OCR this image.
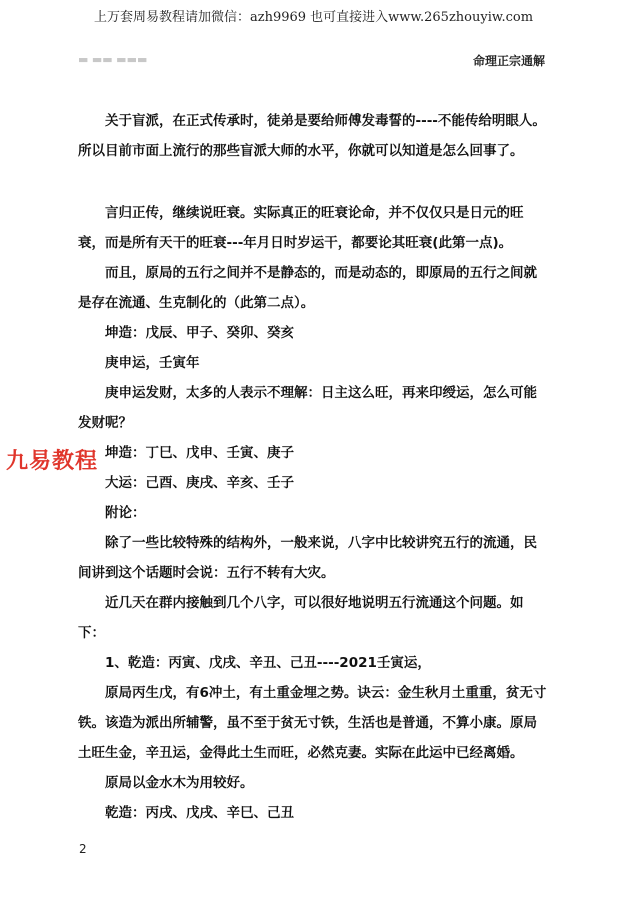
上万套周易教程请加微信：azh9969 也可直接进入www.265zhouyiw.com
▬ ▬▬ ▬▬▬	命理正宗通解

关于盲派，在正式传承时，徒弟是要给师傅发毒誓的----不能传给明眼人。所以目前市面上流行的那些盲派大师的水平，你就可以知道是怎么回事了。

言归正传，继续说旺衰。实际真正的旺衰论命，并不仅仅只是日元的旺衰，而是所有天干的旺衰---年月日时岁运干，都要论其旺衰(此第一点)。

而且，原局的五行之间并不是静态的，而是动态的，即原局的五行之间就是存在流通、生克制化的（此第二点）。

坤造：戊辰、甲子、癸卯、癸亥

庚申运，壬寅年

庚申运发财，太多的人表示不理解：日主这么旺，再来印绶运，怎么可能发财呢？

坤造：丁巳、戊申、壬寅、庚子

大运：己酉、庚戌、辛亥、壬子

附论：

除了一些比较特殊的结构外，一般来说，八字中比较讲究五行的流通，民间讲到这个话题时会说：五行不转有大灾。

近几天在群内接触到几个八字，可以很好地说明五行流通这个问题。如下：

1、乾造：丙寅、戊戌、辛丑、己丑----2021壬寅运，

原局丙生戊，有6冲土，有土重金埋之势。诀云：金生秋月土重重，贫无寸铁。该造为派出所辅警，虽不至于贫无寸铁，生活也是普通，不算小康。原局土旺生金，辛丑运，金得此土生而旺，必然克妻。实际在此运中已经离婚。

原局以金水木为用较好。

乾造：丙戌、戊戌、辛巳、己丑

九易教程
2
